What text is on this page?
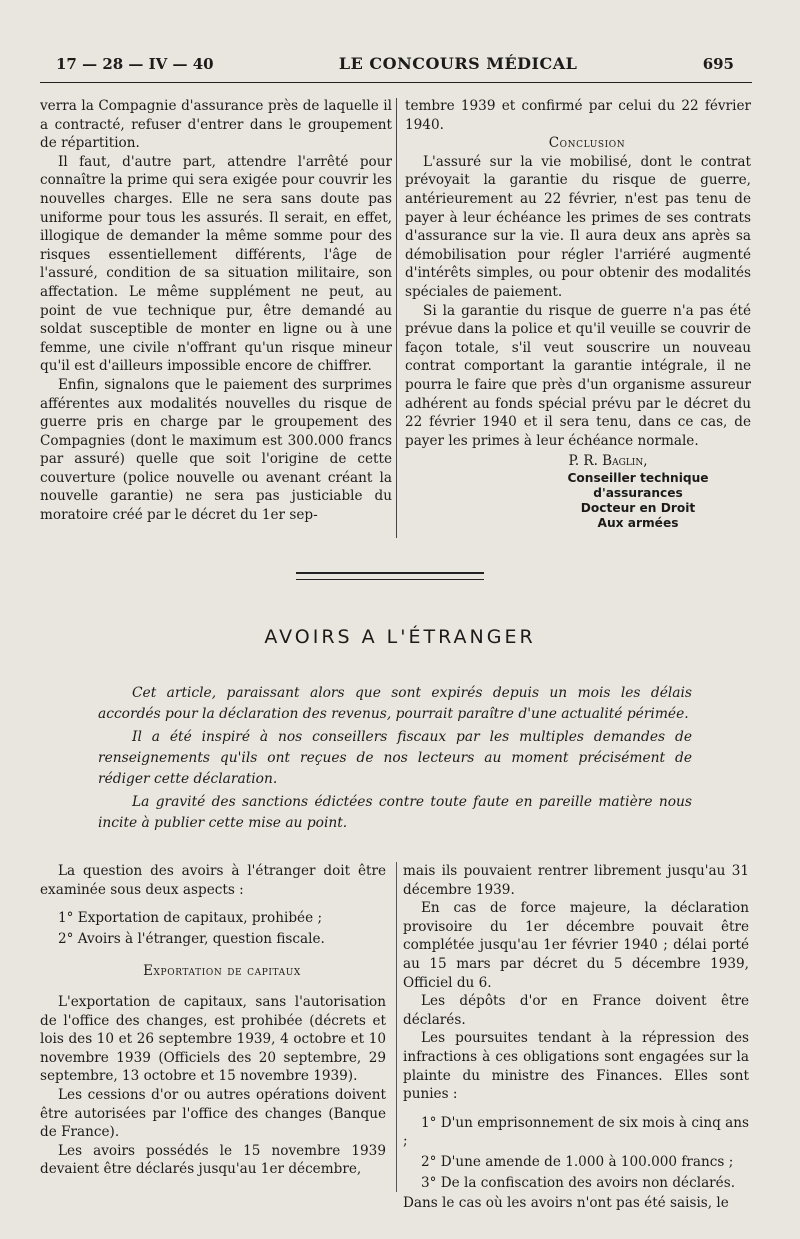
17 — 28 — IV — 40	LE CONCOURS MÉDICAL	695

verra la Compagnie d'assurance près de laquelle il a contracté, refuser d'entrer dans le groupement de répartition.

Il faut, d'autre part, attendre l'arrêté pour connaître la prime qui sera exigée pour couvrir les nouvelles charges. Elle ne sera sans doute pas uniforme pour tous les assurés. Il serait, en effet, illogique de demander la même somme pour des risques essentiellement différents, l'âge de l'assuré, condition de sa situation militaire, son affectation. Le même supplément ne peut, au point de vue technique pur, être demandé au soldat susceptible de monter en ligne ou à une femme, une civile n'offrant qu'un risque mineur qu'il est d'ailleurs impossible encore de chiffrer.

Enfin, signalons que le paiement des surprimes afférentes aux modalités nouvelles du risque de guerre pris en charge par le groupement des Compagnies (dont le maximum est 300.000 francs par assuré) quelle que soit l'origine de cette couverture (police nouvelle ou avenant créant la nouvelle garantie) ne sera pas justiciable du moratoire créé par le décret du 1er sep-

tembre 1939 et confirmé par celui du 22 février 1940.

Conclusion

L'assuré sur la vie mobilisé, dont le contrat prévoyait la garantie du risque de guerre, antérieurement au 22 février, n'est pas tenu de payer à leur échéance les primes de ses contrats d'assurance sur la vie. Il aura deux ans après sa démobilisation pour régler l'arriéré augmenté d'intérêts simples, ou pour obtenir des modalités spéciales de paiement.

Si la garantie du risque de guerre n'a pas été prévue dans la police et qu'il veuille se couvrir de façon totale, s'il veut souscrire un nouveau contrat comportant la garantie intégrale, il ne pourra le faire que près d'un organisme assureur adhérent au fonds spécial prévu par le décret du 22 février 1940 et il sera tenu, dans ce cas, de payer les primes à leur échéance normale.

P. R. Baglin,
Conseiller technique d'assurances
Docteur en Droit
Aux armées
AVOIRS A L'ÉTRANGER

Cet article, paraissant alors que sont expirés depuis un mois les délais accordés pour la déclaration des revenus, pourrait paraître d'une actualité périmée.

Il a été inspiré à nos conseillers fiscaux par les multiples demandes de renseignements qu'ils ont reçues de nos lecteurs au moment précisément de rédiger cette déclaration.

La gravité des sanctions édictées contre toute faute en pareille matière nous incite à publier cette mise au point.

La question des avoirs à l'étranger doit être examinée sous deux aspects :

1° Exportation de capitaux, prohibée ;

2° Avoirs à l'étranger, question fiscale.

Exportation de capitaux

L'exportation de capitaux, sans l'autorisation de l'office des changes, est prohibée (décrets et lois des 10 et 26 septembre 1939, 4 octobre et 10 novembre 1939 (Officiels des 20 septembre, 29 septembre, 13 octobre et 15 novembre 1939).

Les cessions d'or ou autres opérations doivent être autorisées par l'office des changes (Banque de France).

Les avoirs possédés le 15 novembre 1939 devaient être déclarés jusqu'au 1er décembre,

mais ils pouvaient rentrer librement jusqu'au 31 décembre 1939.

En cas de force majeure, la déclaration provisoire du 1er décembre pouvait être complétée jusqu'au 1er février 1940 ; délai porté au 15 mars par décret du 5 décembre 1939, Officiel du 6.

Les dépôts d'or en France doivent être déclarés.

Les poursuites tendant à la répression des infractions à ces obligations sont engagées sur la plainte du ministre des Finances. Elles sont punies :

1° D'un emprisonnement de six mois à cinq ans ;

2° D'une amende de 1.000 à 100.000 francs ;

3° De la confiscation des avoirs non déclarés.

Dans le cas où les avoirs n'ont pas été saisis, le
